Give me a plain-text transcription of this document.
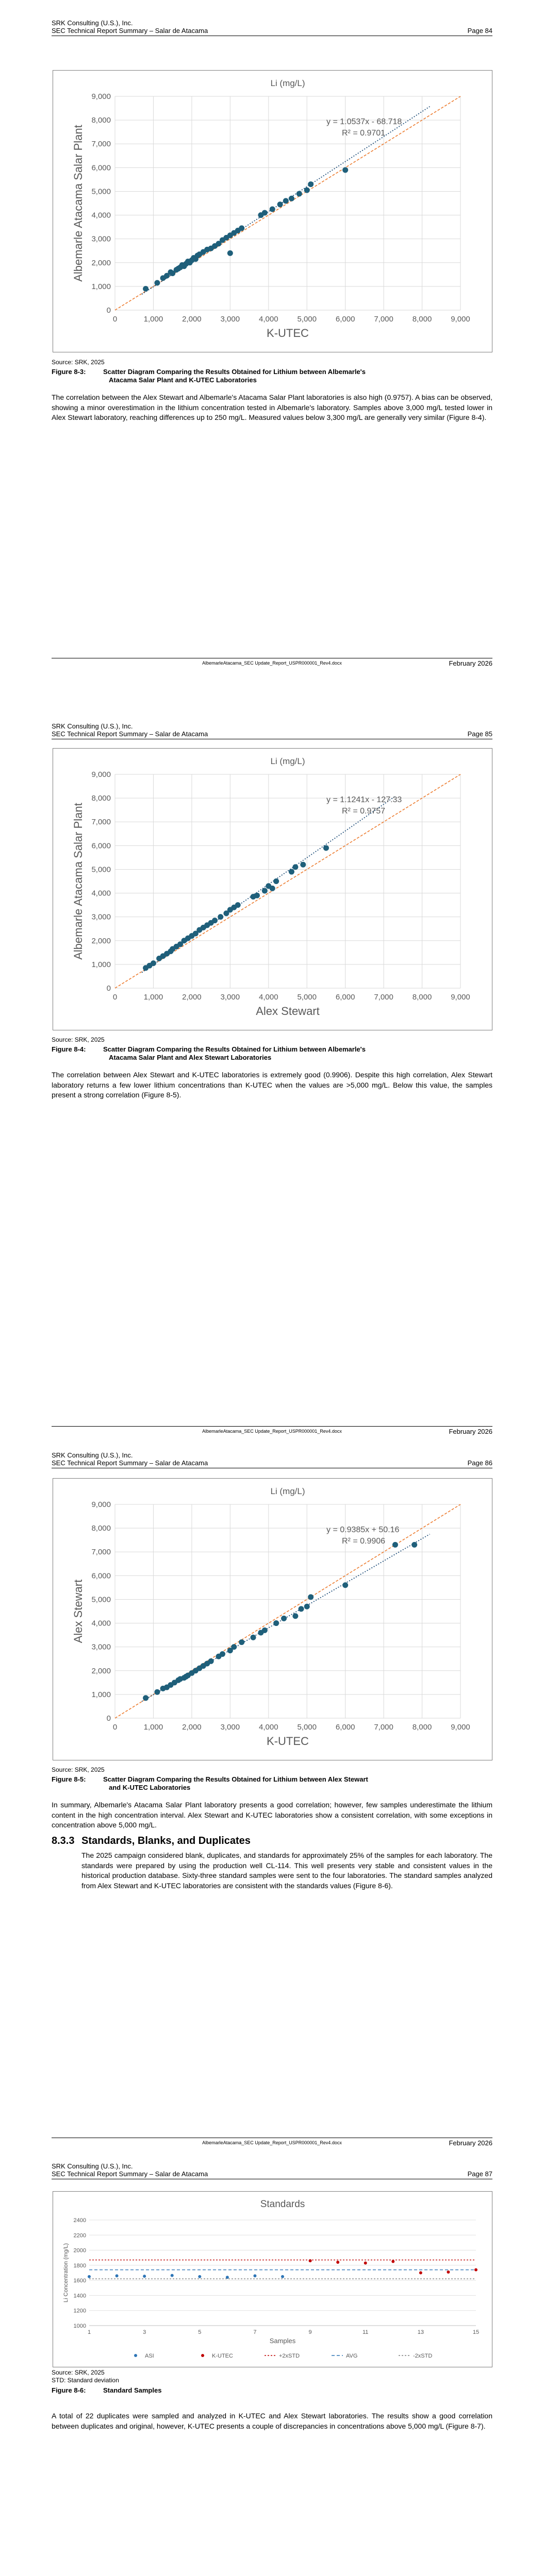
SRK Consulting (U.S.), Inc.
SEC Technical Report Summary – Salar de Atacama	Page 84
Li (mg/L)
0
0
1,000
1,000
2,000
2,000
3,000
3,000
4,000
4,000
5,000
5,000
6,000
6,000
7,000
7,000
8,000
8,000
9,000
9,000
y = 1.0537x - 68.718
R² = 0.9701
K-UTEC
Albemarle Atacama Salar Plant
Source: SRK, 2025
Figure 8-3:	Scatter Diagram Comparing the Results Obtained for Lithium between Albemarle's
Atacama Salar Plant and K-UTEC Laboratories

The correlation between the Alex Stewart and Albemarle's Atacama Salar Plant laboratories is also high (0.9757). A bias can be observed, showing a minor overestimation in the lithium concentration tested in Albemarle's laboratory. Samples above 3,000 mg/L tested lower in Alex Stewart laboratory, reaching differences up to 250 mg/L. Measured values below 3,300 mg/L are generally very similar (Figure 8-4).

AlbemarleAtacama_SEC Update_Report_USPR000001_Rev4.docx	February 2026
SRK Consulting (U.S.), Inc.
SEC Technical Report Summary – Salar de Atacama	Page 85
Li (mg/L)
0
0
1,000
1,000
2,000
2,000
3,000
3,000
4,000
4,000
5,000
5,000
6,000
6,000
7,000
7,000
8,000
8,000
9,000
9,000
y = 1.1241x - 127.33
R² = 0.9757
Alex Stewart
Albemarle Atacama Salar Plant
Source: SRK, 2025
Figure 8-4:	Scatter Diagram Comparing the Results Obtained for Lithium between Albemarle's
Atacama Salar Plant and Alex Stewart Laboratories

The correlation between Alex Stewart and K-UTEC laboratories is extremely good (0.9906). Despite this high correlation, Alex Stewart laboratory returns a few lower lithium concentrations than K-UTEC when the values are >5,000 mg/L. Below this value, the samples present a strong correlation (Figure 8-5).

AlbemarleAtacama_SEC Update_Report_USPR000001_Rev4.docx	February 2026
SRK Consulting (U.S.), Inc.
SEC Technical Report Summary – Salar de Atacama	Page 86
Li (mg/L)
0
0
1,000
1,000
2,000
2,000
3,000
3,000
4,000
4,000
5,000
5,000
6,000
6,000
7,000
7,000
8,000
8,000
9,000
9,000
y = 0.9385x + 50.16
R² = 0.9906
K-UTEC
Alex Stewart
Source: SRK, 2025
Figure 8-5:	Scatter Diagram Comparing the Results Obtained for Lithium between Alex Stewart
and K-UTEC Laboratories

In summary, Albemarle's Atacama Salar Plant laboratory presents a good correlation; however, few samples underestimate the lithium content in the high concentration interval. Alex Stewart and K-UTEC laboratories show a consistent correlation, with some exceptions in concentration above 5,000 mg/L.

8.3.3 Standards, Blanks, and Duplicates

The 2025 campaign considered blank, duplicates, and standards for approximately 25% of the samples for each laboratory. The standards were prepared by using the production well CL-114. This well presents very stable and consistent values in the historical production database. Sixty-three standard samples were sent to the four laboratories. The standard samples analyzed from Alex Stewart and K-UTEC laboratories are consistent with the standards values (Figure 8-6).

AlbemarleAtacama_SEC Update_Report_USPR000001_Rev4.docx	February 2026
SRK Consulting (U.S.), Inc.
SEC Technical Report Summary – Salar de Atacama	Page 87
Standards
1000
1200
1400
1600
1800
2000
2200
2400
1	3	5	7	9	11	13	15
Samples
Li Concentration (mg/L)
ASI	K-UTEC	+2xSTD	AVG	-2xSTD
Source: SRK, 2025
STD: Standard deviation
Figure 8-6:	Standard Samples

A total of 22 duplicates were sampled and analyzed in K-UTEC and Alex Stewart laboratories. The results show a good correlation between duplicates and original, however, K-UTEC presents a couple of discrepancies in concentrations above 5,000 mg/L (Figure 8-7).
